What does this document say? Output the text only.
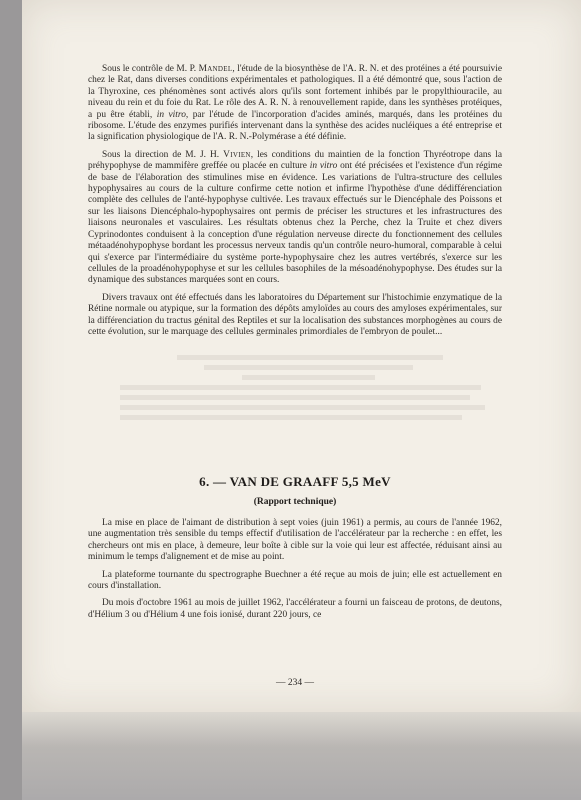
Sous le contrôle de M. P. Mandel, l'étude de la biosynthèse de l'A. R. N. et des protéines a été poursuivie chez le Rat, dans diverses conditions expérimentales et pathologiques. Il a été démontré que, sous l'action de la Thyroxine, ces phénomènes sont activés alors qu'ils sont fortement inhibés par le propylthiouracile, au niveau du rein et du foie du Rat. Le rôle des A. R. N. à renouvellement rapide, dans les synthèses protéiques, a pu être établi, in vitro, par l'étude de l'incorporation d'acides aminés, marqués, dans les protéines du ribosome. L'étude des enzymes purifiés intervenant dans la synthèse des acides nucléiques a été entreprise et la signification physiologique de l'A. R. N.-Polymérase a été définie.

Sous la direction de M. J. H. Vivien, les conditions du maintien de la fonction Thyréotrope dans la préhypophyse de mammifère greffée ou placée en culture in vitro ont été précisées et l'existence d'un régime de base de l'élaboration des stimulines mise en évidence. Les variations de l'ultra-structure des cellules hypophysaires au cours de la culture confirme cette notion et infirme l'hypothèse d'une dédifférenciation complète des cellules de l'anté-hypophyse cultivée. Les travaux effectués sur le Diencéphale des Poissons et sur les liaisons Diencéphalo-hypophysaires ont permis de préciser les structures et les infrastructures des liaisons neuronales et vasculaires. Les résultats obtenus chez la Perche, chez la Truite et chez divers Cyprinodontes conduisent à la conception d'une régulation nerveuse directe du fonctionnement des cellules métaadénohypophyse bordant les processus nerveux tandis qu'un contrôle neuro-humoral, comparable à celui qui s'exerce par l'intermédiaire du système porte-hypophysaire chez les autres vertébrés, s'exerce sur les cellules de la proadénohypophyse et sur les cellules basophiles de la mésoadénohypophyse. Des études sur la dynamique des substances marquées sont en cours.

Divers travaux ont été effectués dans les laboratoires du Département sur l'histochimie enzymatique de la Rétine normale ou atypique, sur la formation des dépôts amyloïdes au cours des amyloses expérimentales, sur la différenciation du tractus génital des Reptiles et sur la localisation des substances morphogènes au cours de cette évolution, sur le marquage des cellules germinales primordiales de l'embryon de poulet...

6. — VAN DE GRAAFF 5,5 MeV
(Rapport technique)

La mise en place de l'aimant de distribution à sept voies (juin 1961) a permis, au cours de l'année 1962, une augmentation très sensible du temps effectif d'utilisation de l'accélérateur par la recherche : en effet, les chercheurs ont mis en place, à demeure, leur boîte à cible sur la voie qui leur est affectée, réduisant ainsi au minimum le temps d'alignement et de mise au point.

La plateforme tournante du spectrographe Buechner a été reçue au mois de juin; elle est actuellement en cours d'installation.

Du mois d'octobre 1961 au mois de juillet 1962, l'accélérateur a fourni un faisceau de protons, de deutons, d'Hélium 3 ou d'Hélium 4 une fois ionisé, durant 220 jours, ce

— 234 —
